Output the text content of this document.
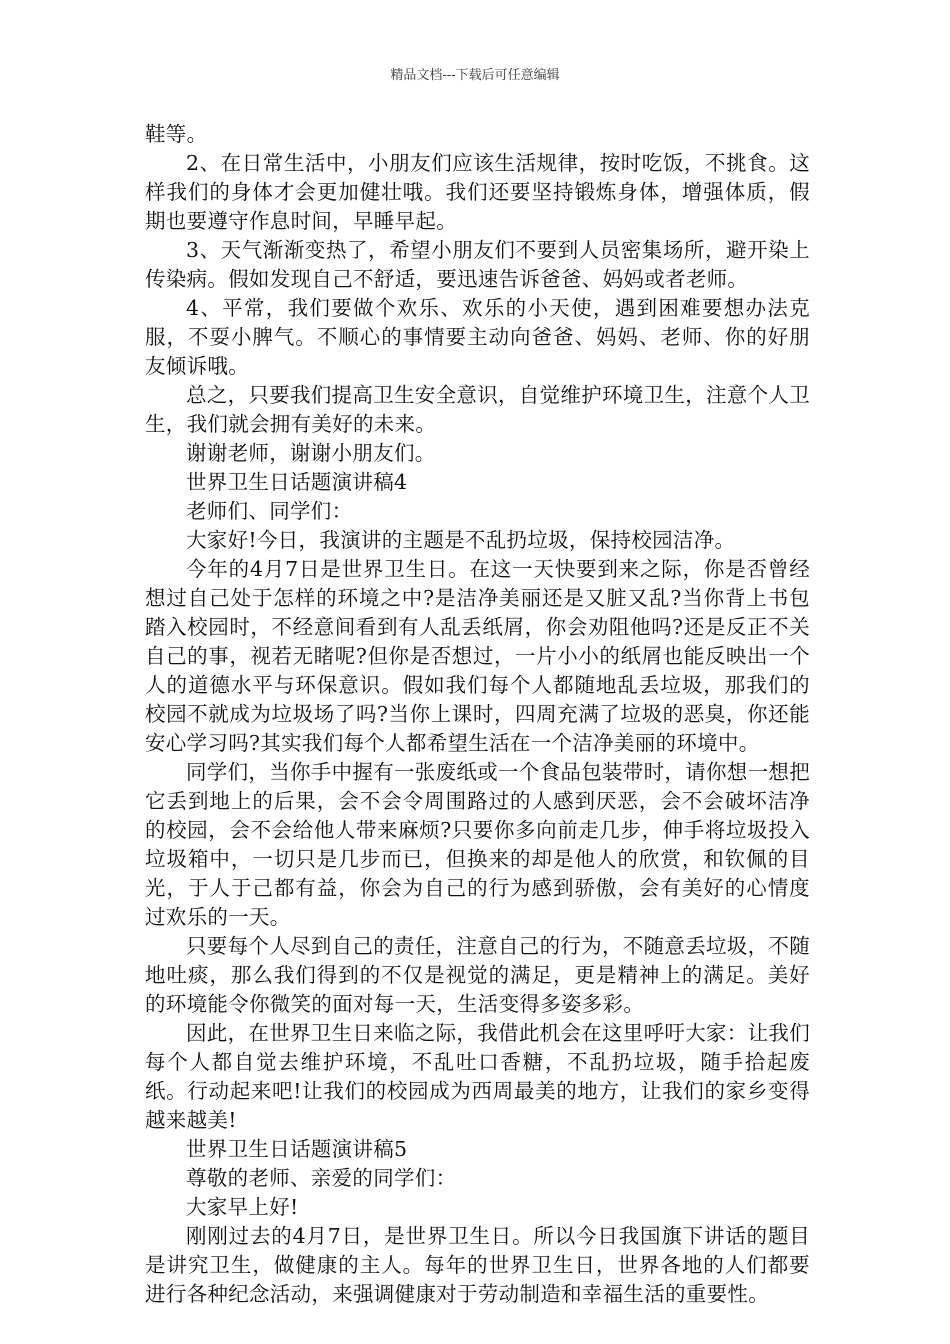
精品文档---下载后可任意编辑

鞋等。

2、在日常生活中，小朋友们应该生活规律，按时吃饭，不挑食。这样我们的身体才会更加健壮哦。我们还要坚持锻炼身体，增强体质，假期也要遵守作息时间，早睡早起。

3、天气渐渐变热了，希望小朋友们不要到人员密集场所，避开染上传染病。假如发现自己不舒适，要迅速告诉爸爸、妈妈或者老师。

4、平常，我们要做个欢乐、欢乐的小天使，遇到困难要想办法克服，不耍小脾气。不顺心的事情要主动向爸爸、妈妈、老师、你的好朋友倾诉哦。

总之，只要我们提高卫生安全意识，自觉维护环境卫生，注意个人卫生，我们就会拥有美好的未来。

谢谢老师，谢谢小朋友们。

世界卫生日话题演讲稿4

老师们、同学们：

大家好!今日，我演讲的主题是不乱扔垃圾，保持校园洁净。

今年的4月7日是世界卫生日。在这一天快要到来之际，你是否曾经想过自己处于怎样的环境之中?是洁净美丽还是又脏又乱?当你背上书包踏入校园时，不经意间看到有人乱丢纸屑，你会劝阻他吗?还是反正不关自己的事，视若无睹呢?但你是否想过，一片小小的纸屑也能反映出一个人的道德水平与环保意识。假如我们每个人都随地乱丢垃圾，那我们的校园不就成为垃圾场了吗?当你上课时，四周充满了垃圾的恶臭，你还能安心学习吗?其实我们每个人都希望生活在一个洁净美丽的环境中。

同学们，当你手中握有一张废纸或一个食品包装带时，请你想一想把它丢到地上的后果，会不会令周围路过的人感到厌恶，会不会破坏洁净的校园，会不会给他人带来麻烦?只要你多向前走几步，伸手将垃圾投入垃圾箱中，一切只是几步而已，但换来的却是他人的欣赏，和钦佩的目光，于人于己都有益，你会为自己的行为感到骄傲，会有美好的心情度过欢乐的一天。

只要每个人尽到自己的责任，注意自己的行为，不随意丢垃圾，不随地吐痰，那么我们得到的不仅是视觉的满足，更是精神上的满足。美好的环境能令你微笑的面对每一天，生活变得多姿多彩。

因此，在世界卫生日来临之际，我借此机会在这里呼吁大家：让我们每个人都自觉去维护环境，不乱吐口香糖，不乱扔垃圾，随手拾起废纸。行动起来吧!让我们的校园成为西周最美的地方，让我们的家乡变得越来越美!

世界卫生日话题演讲稿5

尊敬的老师、亲爱的同学们：

大家早上好!

刚刚过去的4月7日，是世界卫生日。所以今日我国旗下讲话的题目是讲究卫生，做健康的主人。每年的世界卫生日，世界各地的人们都要进行各种纪念活动，来强调健康对于劳动制造和幸福生活的重要性。
